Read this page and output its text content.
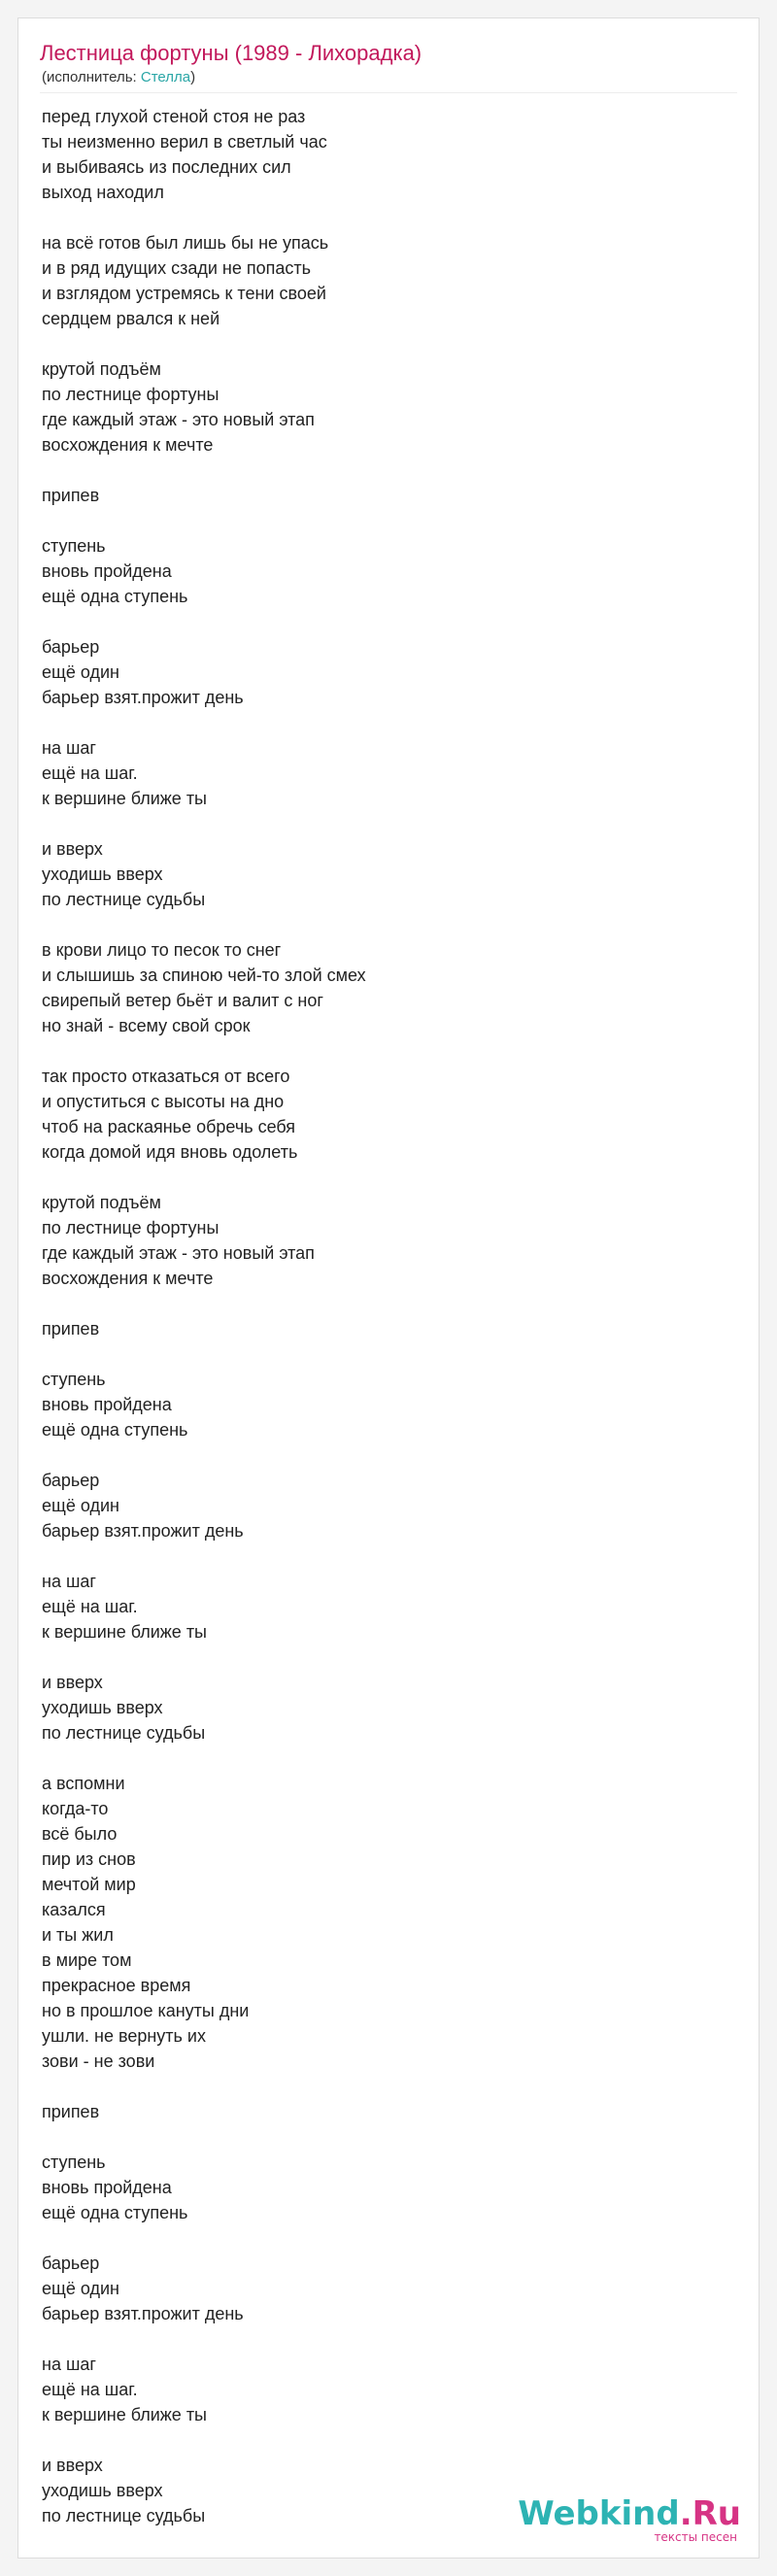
Лестница фортуны (1989 - Лихорадка)
(исполнитель: Стелла)
перед глухой стеной стоя не раз
ты неизменно верил в светлый час
и выбиваясь из последних сил
выход находил
на всё готов был лишь бы не упась
и в ряд идущих сзади не попасть
и взглядом устремясь к тени своей
сердцем рвался к ней
крутой подъём
по лестнице фортуны
где каждый этаж - это новый этап
восхождения к мечте
припев
ступень
вновь пройдена
ещё одна ступень
барьер
ещё один
барьер взят.прожит день
на шаг
ещё на шаг.
к вершине ближе ты
и вверх
уходишь вверх
по лестнице судьбы
в крови лицо то песок то снег
и слышишь за спиною чей-то злой смех
свирепый ветер бьёт и валит с ног
но знай - всему свой срок
так просто отказаться от всего
и опуститься с высоты на дно
чтоб на раскаянье обречь себя
когда домой идя вновь одолеть
крутой подъём
по лестнице фортуны
где каждый этаж - это новый этап
восхождения к мечте
припев
ступень
вновь пройдена
ещё одна ступень
барьер
ещё один
барьер взят.прожит день
на шаг
ещё на шаг.
к вершине ближе ты
и вверх
уходишь вверх
по лестнице судьбы
а вспомни
когда-то
всё было
пир из снов
мечтой мир
казался
и ты жил
в мире том
прекрасное время
но в прошлое кануты дни
ушли. не вернуть их
зови - не зови
припев
ступень
вновь пройдена
ещё одна ступень
барьер
ещё один
барьер взят.прожит день
на шаг
ещё на шаг.
к вершине ближе ты
и вверх
уходишь вверх
по лестнице судьбы	Webkind.Ru
тексты песен
